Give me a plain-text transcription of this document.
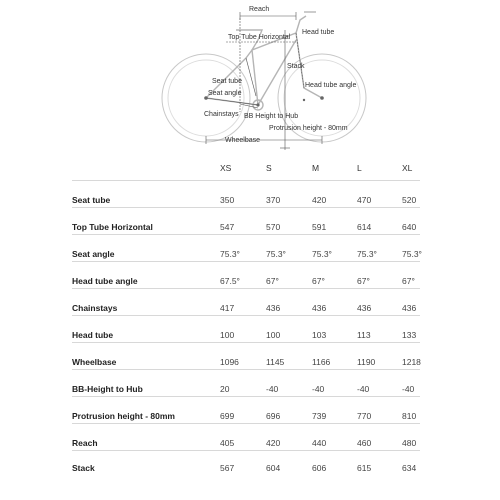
Reach
Head tube
Top Tube Horizontal
Stack
Seat tube
Head tube angle
Seat angle
Chainstays BB Height to Hub
Protrusion height - 80mm
Wheelbase
XS	S	M	L	XL
Seat tube	350	370	420	470	520
Top Tube Horizontal	547	570	591	614	640
Seat angle	75.3°	75.3°	75.3°	75.3°	75.3°
Head tube angle	67.5°	67°	67°	67°	67°
Chainstays	417	436	436	436	436
Head tube	100	100	103	113	133
Wheelbase	1096	1145	1166	1190	1218
BB-Height to Hub	20	-40	-40	-40	-40
Protrusion height - 80mm	699	696	739	770	810
Reach	405	420	440	460	480
Stack	567	604	606	615	634
